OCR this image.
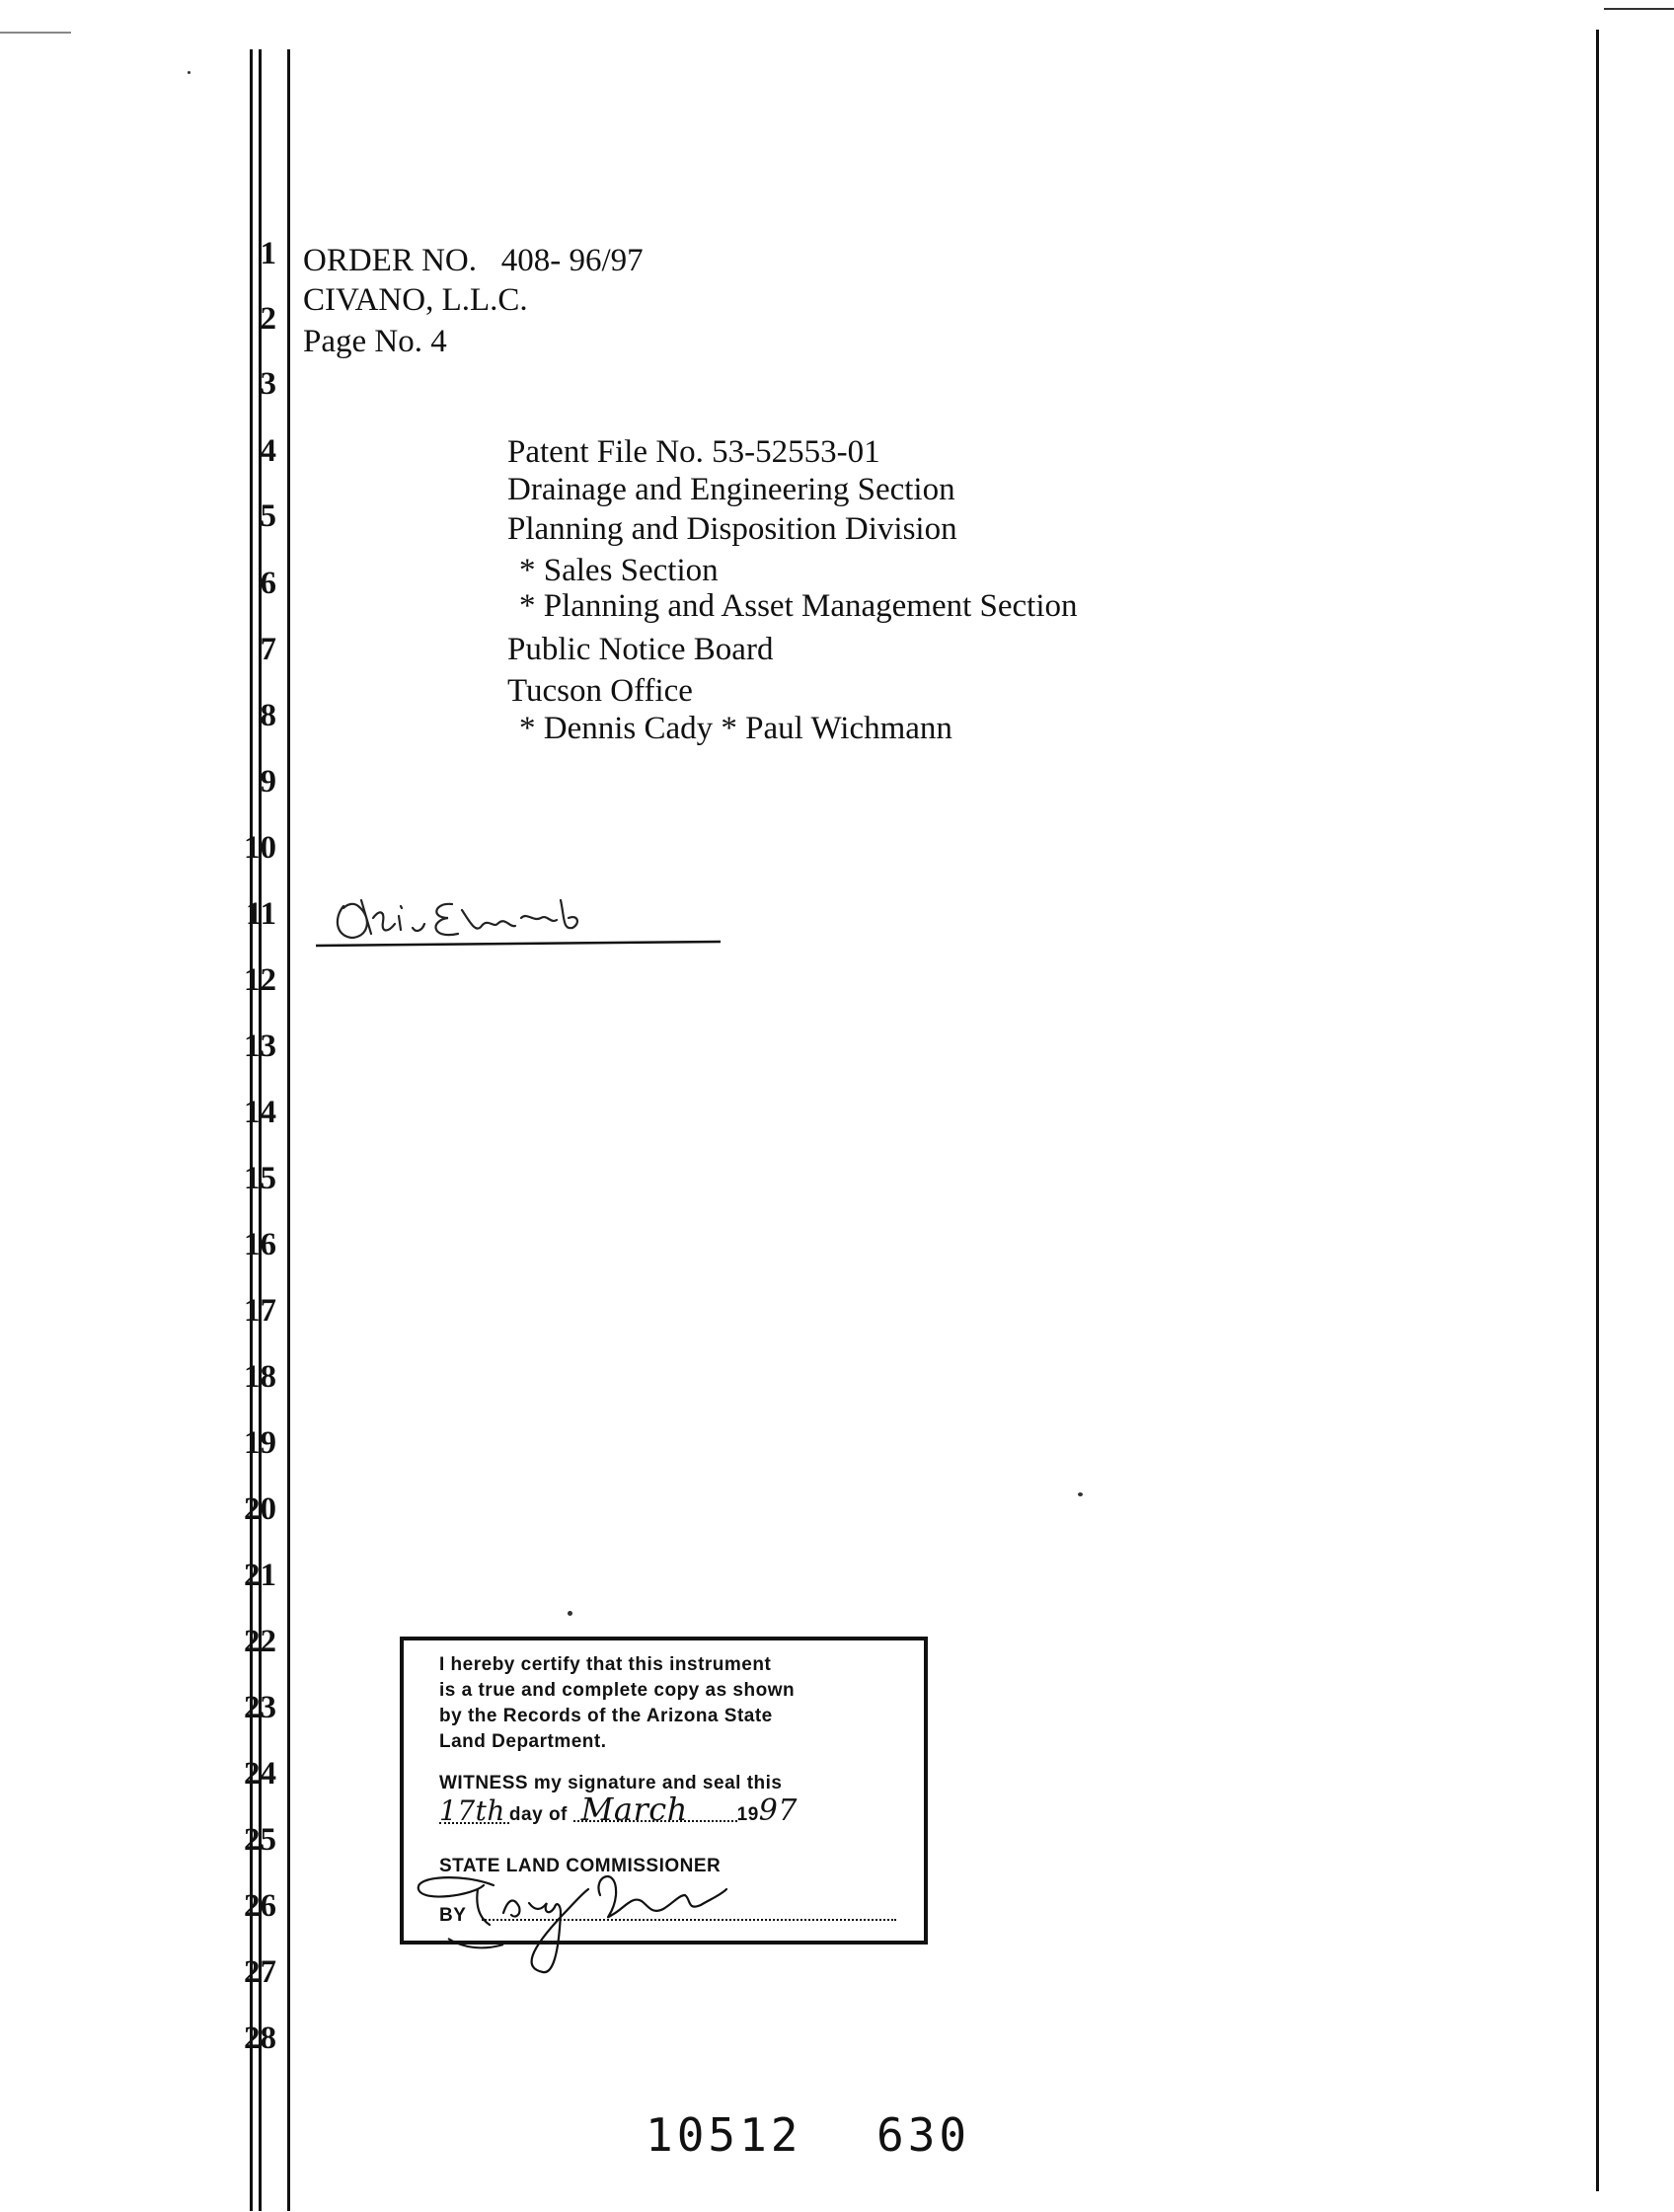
1
2
3
4
5
6
7
8
9
10
11
12
13
14
15
16
17
18
19
20
21
22
23
24
25
26
27
28
ORDER NO.   408- 96/97
CIVANO, L.L.C.
Page No. 4
Patent File No. 53-52553-01
Drainage and Engineering Section
Planning and Disposition Division
* Sales Section
* Planning and Asset Management Section
Public Notice Board
Tucson Office
* Dennis Cady * Paul Wichmann
I hereby certify that this instrument
is a true and complete copy as shown
by the Records of the Arizona State
Land Department.
WITNESS my signature and seal this
17th day of March	1997
STATE LAND COMMISSIONER
BY
10512 630
